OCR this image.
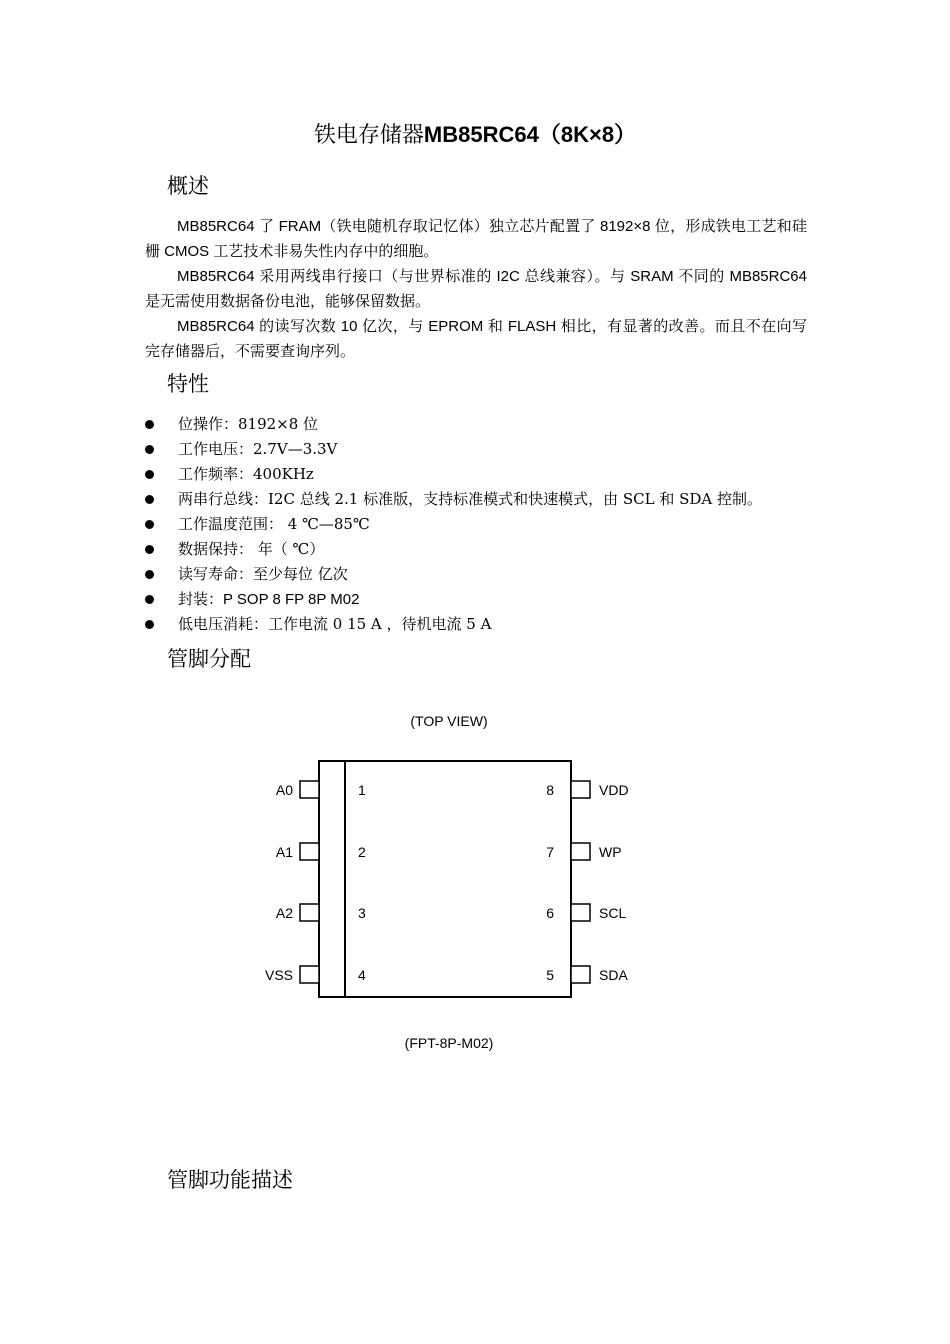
铁电存储器MB85RC64（8K×8）
概述

MB85RC64 了 FRAM（铁电随机存取记忆体）独立芯片配置了 8192×8 位，形成铁电工艺和硅栅 CMOS 工艺技术非易失性内存中的细胞。

MB85RC64 采用两线串行接口（与世界标准的 I2C 总线兼容）。与 SRAM 不同的 MB85RC64 是无需使用数据备份电池，能够保留数据。

MB85RC64 的读写次数 10 亿次，与 EPROM 和 FLASH 相比，有显著的改善。而且不在向写完存储器后，不需要查询序列。

特性
位操作：8192×8 位
工作电压：2.7V—3.3V
工作频率：400KHz
两串行总线：I2C 总线 2.1 标准版，支持标准模式和快速模式，由 SCL 和 SDA 控制。
工作温度范围： 4 ℃—85℃
数据保持： 年（ ℃）
读写寿命：至少每位 亿次
封装：P SOP 8 FP 8P M02
低电压消耗：工作电流 0 15 A ，待机电流 5 A
管脚分配
(TOP VIEW)
A0
A1
A2
VSS
1
2
3
4
VDD
WP
SCL
SDA
8
7
6
5
(FPT-8P-M02)
管脚功能描述
